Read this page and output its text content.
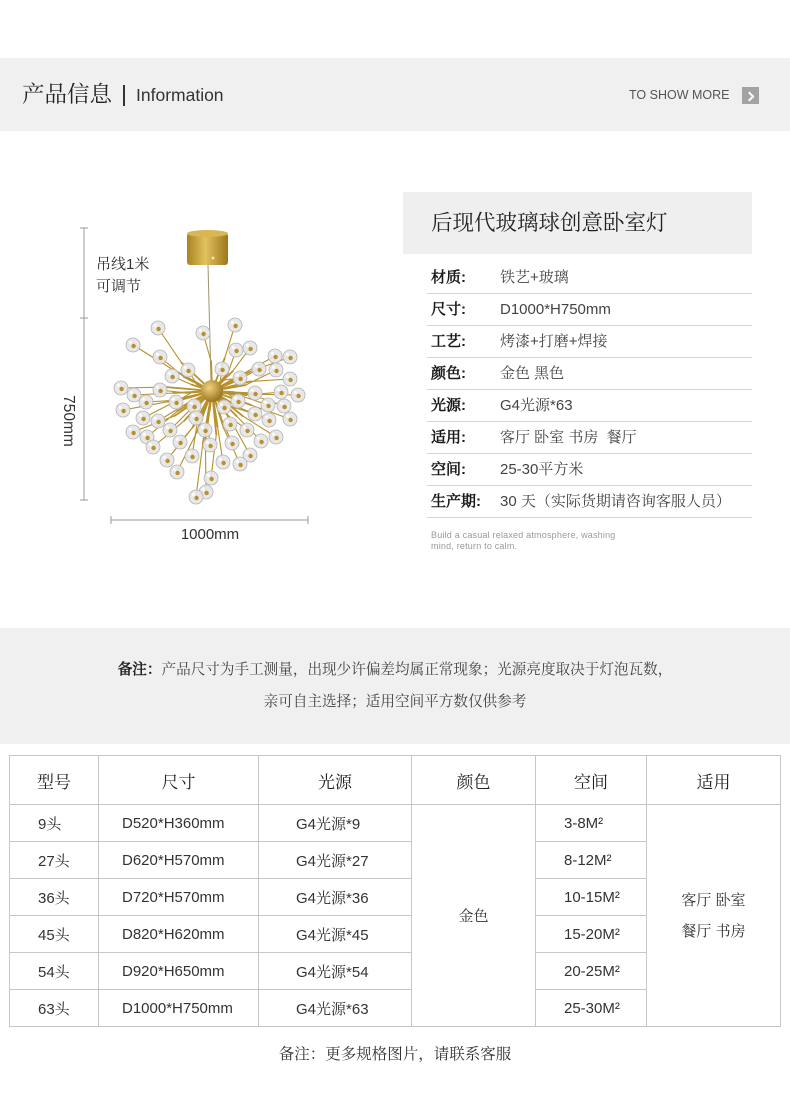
产品信息 Information	TO SHOW MORE
吊线1米
可调节
750mm
1000mm
后现代玻璃球创意卧室灯
材质: 铁艺+玻璃
尺寸: D1000*H750mm
工艺: 烤漆+打磨+焊接
颜色: 金色 黑色
光源: G4光源*63
适用: 客厅 卧室 书房  餐厅
空间: 25-30平方米
生产期: 30 天（实际货期请咨询客服人员）
Build a casual relaxed atmosphere, washing mind, return to calm.
备注：产品尺寸为手工测量，出现少许偏差均属正常现象；光源亮度取决于灯泡瓦数，
亲可自主选择；适用空间平方数仅供参考
型号	尺寸	光源	颜色	空间	适用
9头	D520*H360mm	G4光源*9	金色	3-8M²	客厅 卧室
餐厅 书房

27头	D620*H570mm	G4光源*27		8-12M²	
36头	D720*H570mm	G4光源*36		10-15M²	
45头	D820*H620mm	G4光源*45		15-20M²	
54头	D920*H650mm	G4光源*54		20-25M²	
63头	D1000*H750mm	G4光源*63		25-30M²	
备注：更多规格图片，请联系客服
